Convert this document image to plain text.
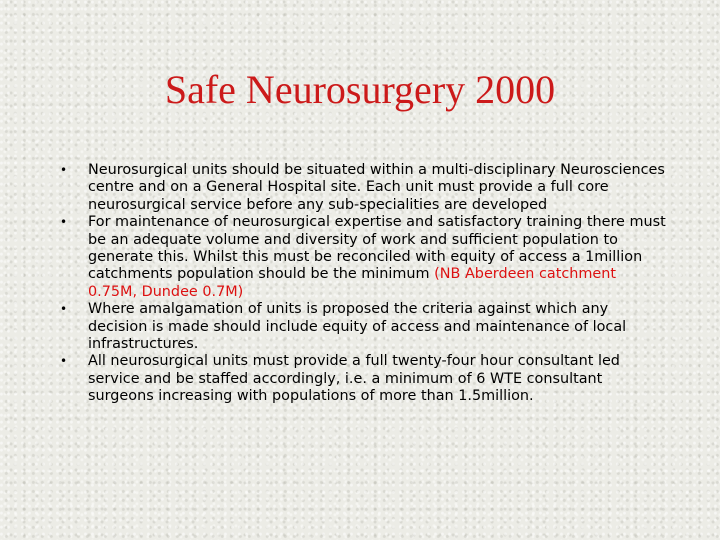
Safe Neurosurgery 2000
• Neurosurgical units should be situated within a multi-disciplinary Neurosciences centre and on a General Hospital site. Each unit must provide a full core neurosurgical service before any sub-specialities are developed
• For maintenance of neurosurgical expertise and satisfactory training there must be an adequate volume and diversity of work and sufficient population to generate this. Whilst this must be reconciled with equity of access a 1million catchments population should be the minimum (NB Aberdeen catchment 0.75M, Dundee 0.7M)
• Where amalgamation of units is proposed the criteria against which any decision is made should include equity of access and maintenance of local infrastructures.
• All neurosurgical units must provide a full twenty-four hour consultant led service and be staffed accordingly, i.e. a minimum of 6 WTE consultant surgeons increasing with populations of more than 1.5million.
